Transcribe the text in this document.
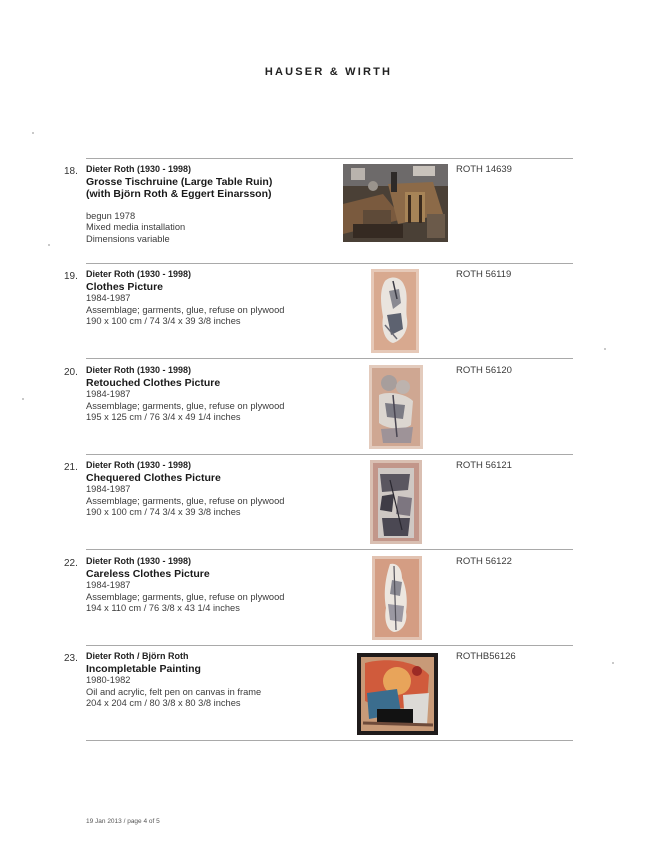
HAUSER & WIRTH
18. Dieter Roth (1930 - 1998)
Grosse Tischruine (Large Table Ruin)
(with Björn Roth & Eggert Einarsson)
begun 1978
Mixed media installation
Dimensions variable
ROTH 14639
19. Dieter Roth (1930 - 1998)
Clothes Picture
1984-1987
Assemblage; garments, glue, refuse on plywood
190 x 100 cm / 74 3/4 x 39 3/8 inches
ROTH 56119
20. Dieter Roth (1930 - 1998)
Retouched Clothes Picture
1984-1987
Assemblage; garments, glue, refuse on plywood
195 x 125 cm / 76 3/4 x 49 1/4 inches
ROTH 56120
21. Dieter Roth (1930 - 1998)
Chequered Clothes Picture
1984-1987
Assemblage; garments, glue, refuse on plywood
190 x 100 cm / 74 3/4 x 39 3/8 inches
ROTH 56121
22. Dieter Roth (1930 - 1998)
Careless Clothes Picture
1984-1987
Assemblage; garments, glue, refuse on plywood
194 x 110 cm / 76 3/8 x 43 1/4 inches
ROTH 56122
23. Dieter Roth / Björn Roth
Incompletable Painting
1980-1982
Oil and acrylic, felt pen on canvas in frame
204 x 204 cm / 80 3/8 x 80 3/8 inches
ROTHB56126
19 Jan 2013 / page 4 of 5
